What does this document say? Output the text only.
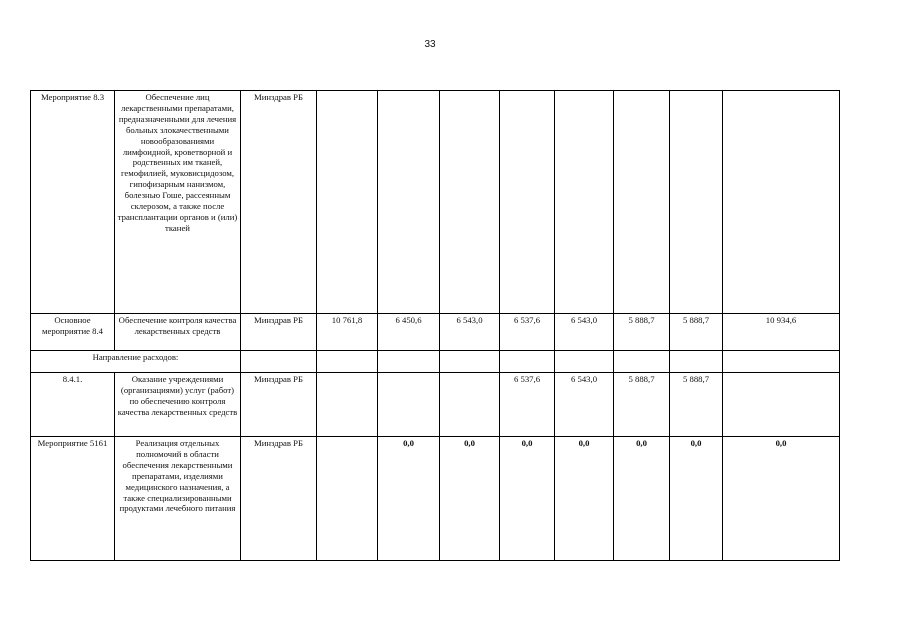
33
Мероприятие 8.3	Обеспечение лиц лекарственными препаратами, предназначенными для лечения больных злокачественными новообразованиями лимфоидной, кроветворной и родственных им тканей, гемофилией, муковисцидозом, гипофизарным нанизмом, болезнью Гоше, рассеянным склерозом, а также после трансплантации органов и (или) тканей	Минздрав РБ								
Основное мероприятие 8.4	Обеспечение контроля качества лекарственных средств	Минздрав РБ	10 761,8	6 450,6	6 543,0	6 537,6	6 543,0	5 888,7	5 888,7	10 934,6
Направление расходов:										
8.4.1.	Оказание учреждениями (организациями) услуг (работ) по обеспечению контроля качества лекарственных средств	Минздрав РБ				6 537,6	6 543,0	5 888,7	5 888,7	
Мероприятие 5161	Реализация отдельных полномочий в области обеспечения лекарственными препаратами, изделиями медицинского назначения, а также специализированными продуктами лечебного питания	Минздрав РБ		0,0	0,0	0,0	0,0	0,0	0,0	0,0
